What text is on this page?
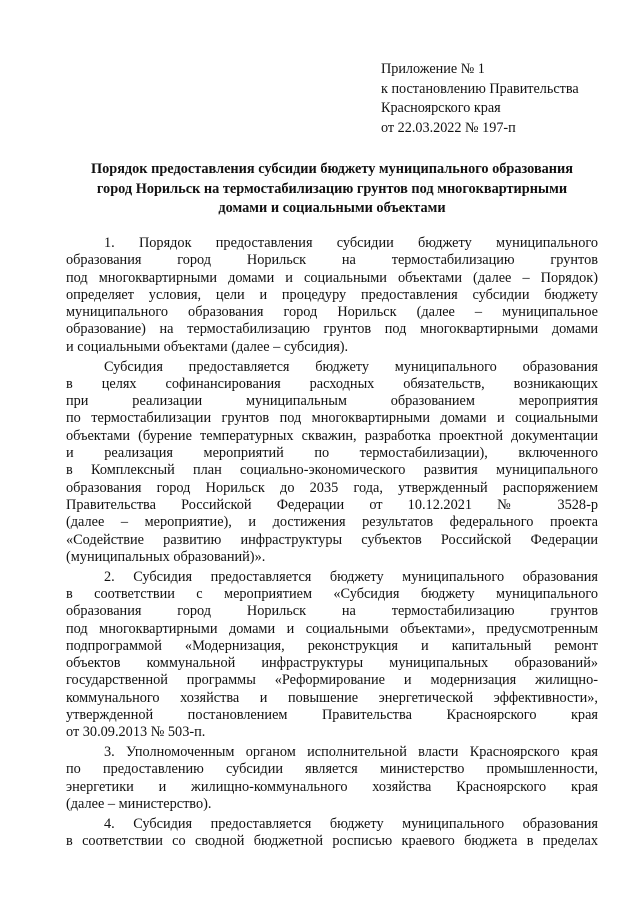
Приложение № 1
к постановлению Правительства
Красноярского края
от 22.03.2022 № 197-п
Порядок предоставления субсидии бюджету муниципального образования
город Норильск на термостабилизацию грунтов под многоквартирными
домами и социальными объектами
1. Порядок предоставления субсидии бюджету муниципального
образования город Норильск на термостабилизацию грунтов
под многоквартирными домами и социальными объектами (далее – Порядок)
определяет условия, цели и процедуру предоставления субсидии бюджету
муниципального образования город Норильск (далее – муниципальное
образование) на термостабилизацию грунтов под многоквартирными домами
и социальными объектами (далее – субсидия).
Субсидия предоставляется бюджету муниципального образования
в целях софинансирования расходных обязательств, возникающих
при реализации муниципальным образованием мероприятия
по термостабилизации грунтов под многоквартирными домами и социальными
объектами (бурение температурных скважин, разработка проектной документации
и реализация мероприятий по термостабилизации), включенного
в Комплексный план социально-экономического развития муниципального
образования город Норильск до 2035 года, утвержденный распоряжением
Правительства Российской Федерации от 10.12.2021 № 3528-р
(далее – мероприятие), и достижения результатов федерального проекта
«Содействие развитию инфраструктуры субъектов Российской Федерации
(муниципальных образований)».
2. Субсидия предоставляется бюджету муниципального образования
в соответствии с мероприятием «Субсидия бюджету муниципального
образования город Норильск на термостабилизацию грунтов
под многоквартирными домами и социальными объектами», предусмотренным
подпрограммой «Модернизация, реконструкция и капитальный ремонт
объектов коммунальной инфраструктуры муниципальных образований»
государственной программы «Реформирование и модернизация жилищно-
коммунального хозяйства и повышение энергетической эффективности»,
утвержденной постановлением Правительства Красноярского края
от 30.09.2013 № 503-п.
3. Уполномоченным органом исполнительной власти Красноярского края
по предоставлению субсидии является министерство промышленности,
энергетики и жилищно-коммунального хозяйства Красноярского края
(далее – министерство).
4. Субсидия предоставляется бюджету муниципального образования
в соответствии со сводной бюджетной росписью краевого бюджета в пределах
